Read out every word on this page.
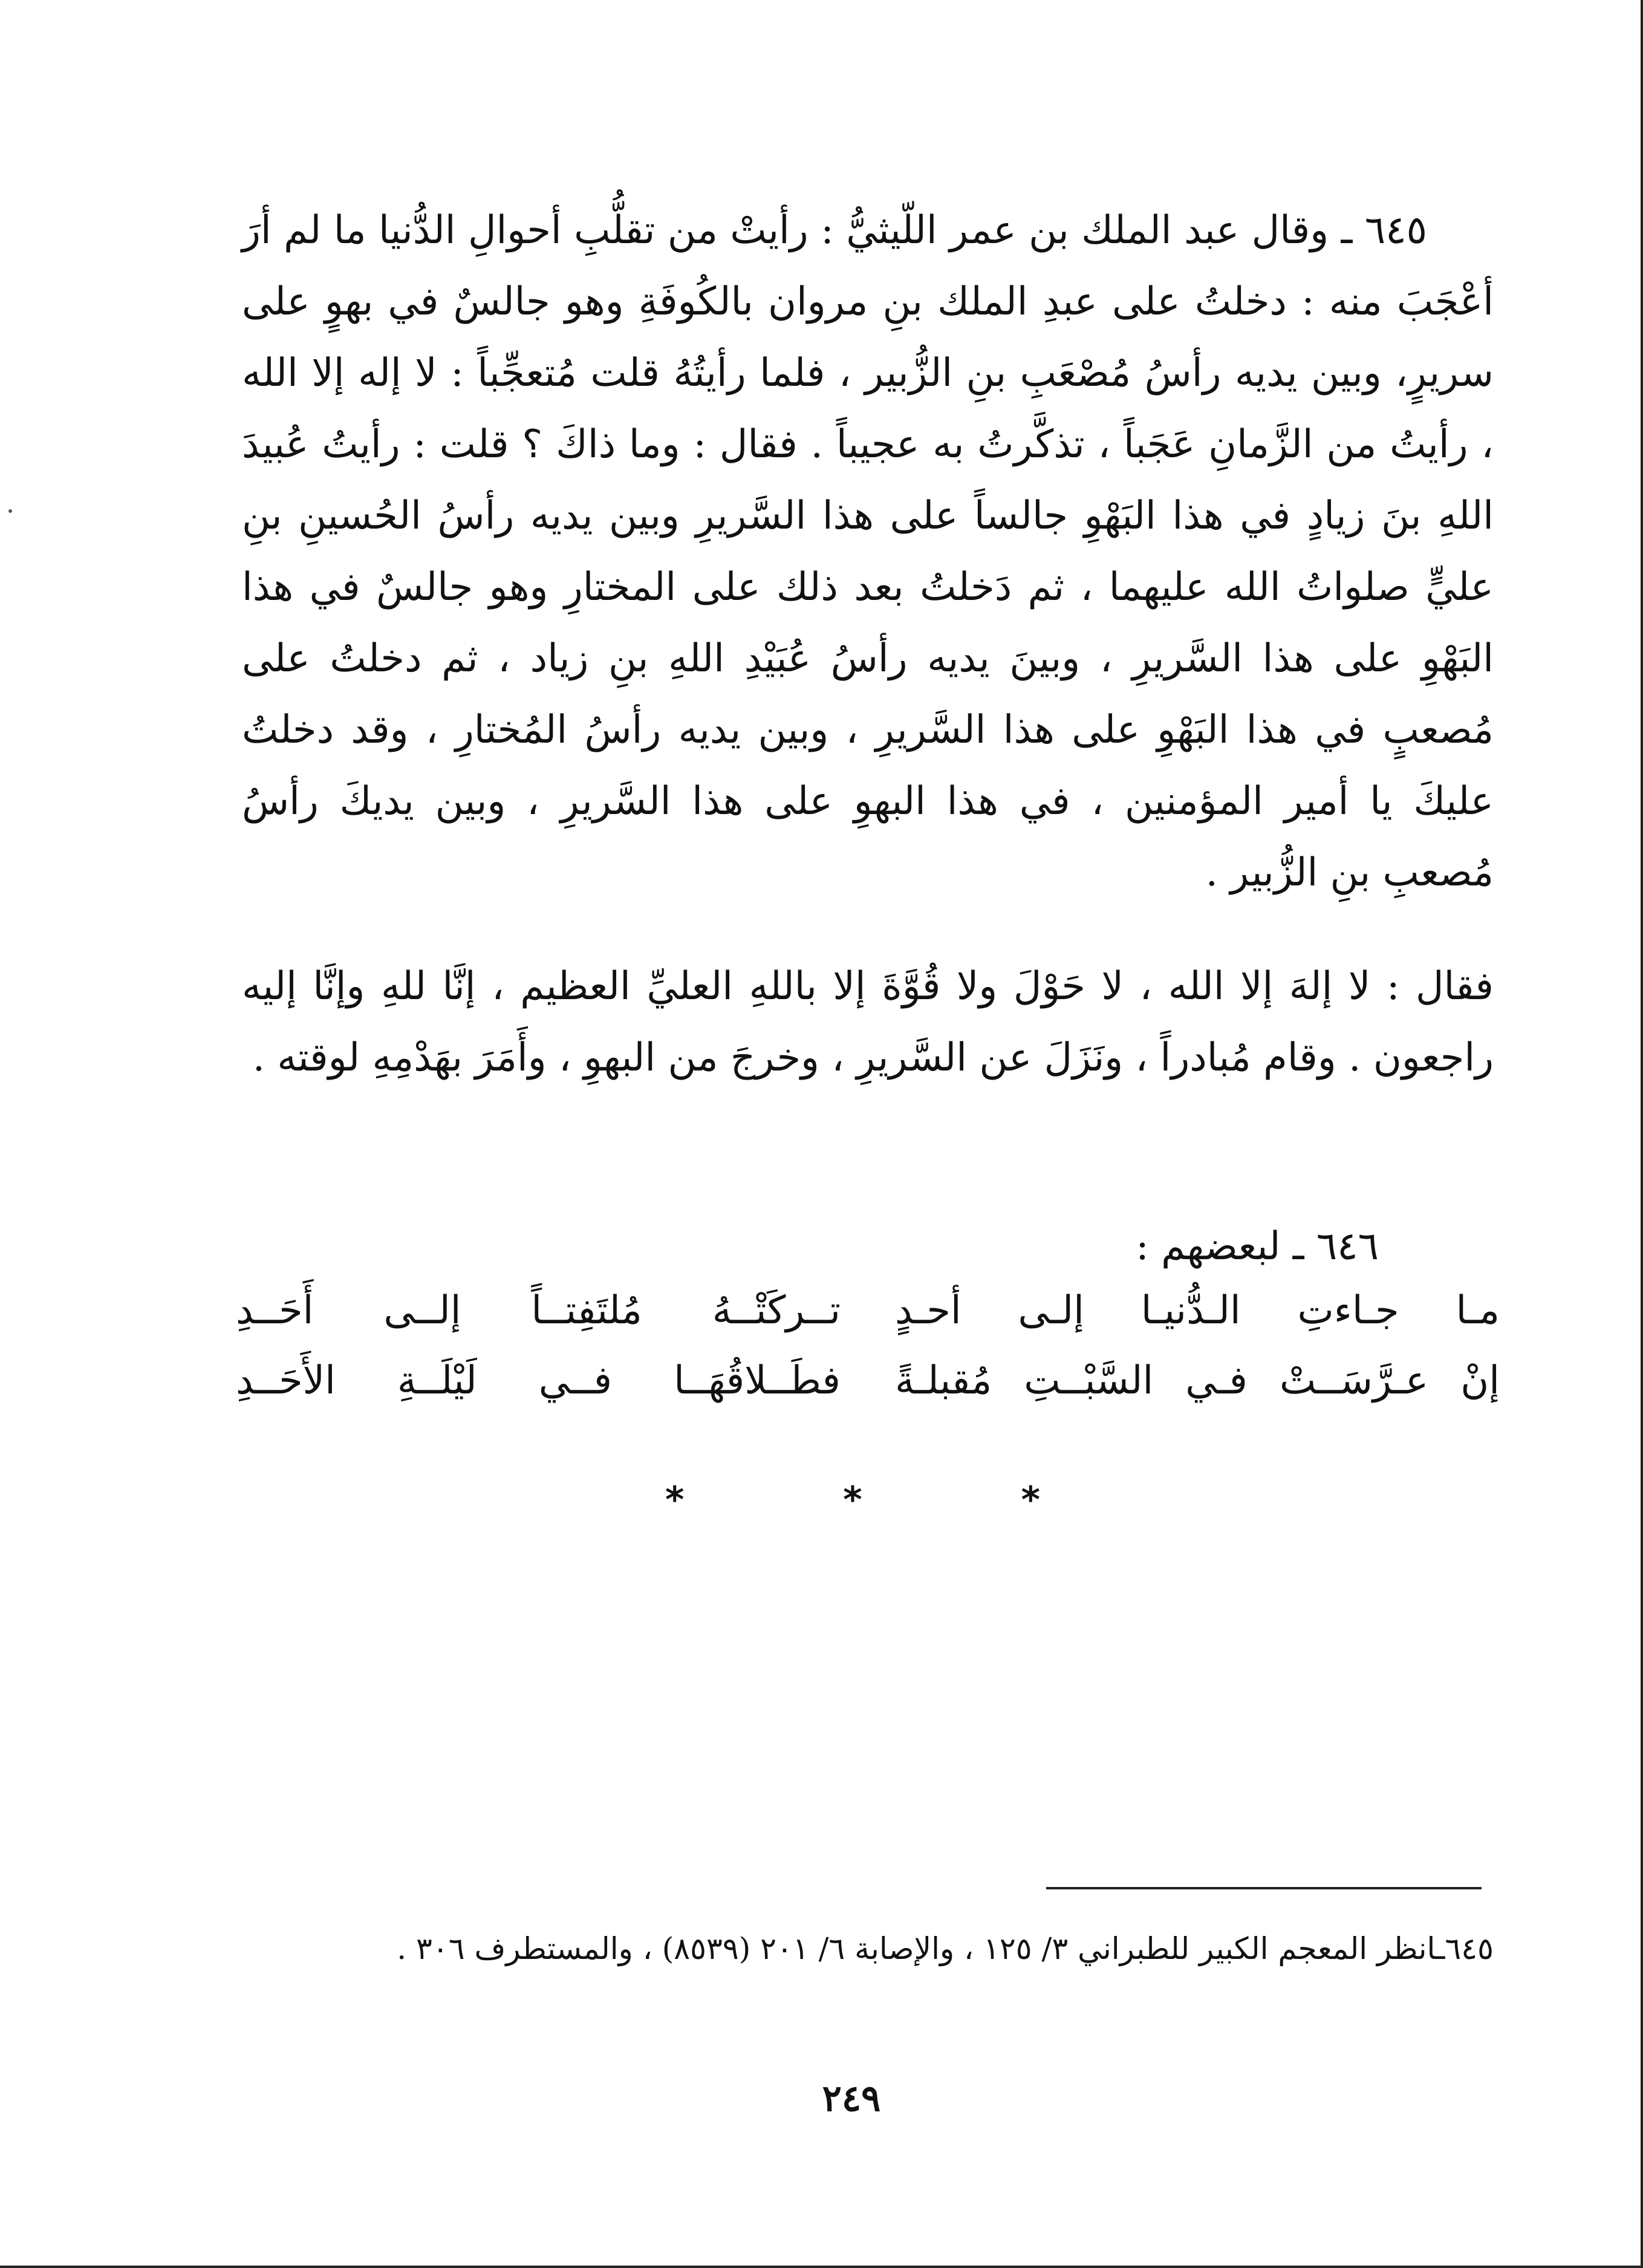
٦٤٥ ـ وقال عبد الملك بن عمر اللّيثيُّ : رأيتْ من تقلُّبِ أحوالِ الدُّنيا ما لم أرَ أعْجَبَ منه : دخلتُ على عبدِ الملك بنِ مروان بالكُوفَةِ وهو جالسٌ في بهوٍ على سريرٍ، وبين يديه رأسُ مُصْعَبِ بنِ الزُّبير ، فلما رأيتُهُ قلت مُتعجِّباً : لا إله إلا الله ، رأيتُ من الزَّمانِ عَجَباً ، تذكَّرتُ به عجيباً . فقال : وما ذاكَ ؟ قلت : رأيتُ عُبيدَ اللهِ بنَ زيادٍ في هذا البَهْوِ جالساً على هذا السَّريرِ وبين يديه رأسُ الحُسينِ بنِ عليٍّ صلواتُ الله عليهما ، ثم دَخلتُ بعد ذلك على المختارِ وهو جالسٌ في هذا البَهْوِ على هذا السَّريرِ ، وبينَ يديه رأسُ عُبَيْدِ اللهِ بنِ زياد ، ثم دخلتُ على مُصعبٍ في هذا البَهْوِ على هذا السَّريرِ ، وبين يديه رأسُ المُختارِ ، وقد دخلتُ عليكَ يا أمير المؤمنين ، في هذا البهوِ على هذا السَّريرِ ، وبين يديكَ رأسُ مُصعبِ بنِ الزُّبير .
فقال : لا إلهَ إلا الله ، لا حَوْلَ ولا قُوَّةَ إلا باللهِ العليِّ العظيم ، إنَّا للهِ وإنَّا إليه راجعون . وقام مُبادراً ، ونَزَلَ عن السَّريرِ ، وخرجَ من البهوِ ، وأَمَرَ بهَدْمِهِ لوقته .
٦٤٦ ـ لبعضهم :
مـا جـاءتِ الـدُّنيـا إلـى أحـدٍ
تــركَتْــهُ مُلتَفِتــاً إلــى أَحَــدِ
إنْ عـرَّسَــتْ فـي السَّبْــتِ مُقبلـةً
فطَــلاقُهَــا فــي لَيْلَــةِ الأَحَــدِ
*	*	*
٦٤٥ـانظر المعجم الكبير للطبراني ٣/ ١٢٥ ، والإصابة ٦/ ٢٠١ (٨٥٣٩) ، والمستطرف ٣٠٦ .
٢٤٩
